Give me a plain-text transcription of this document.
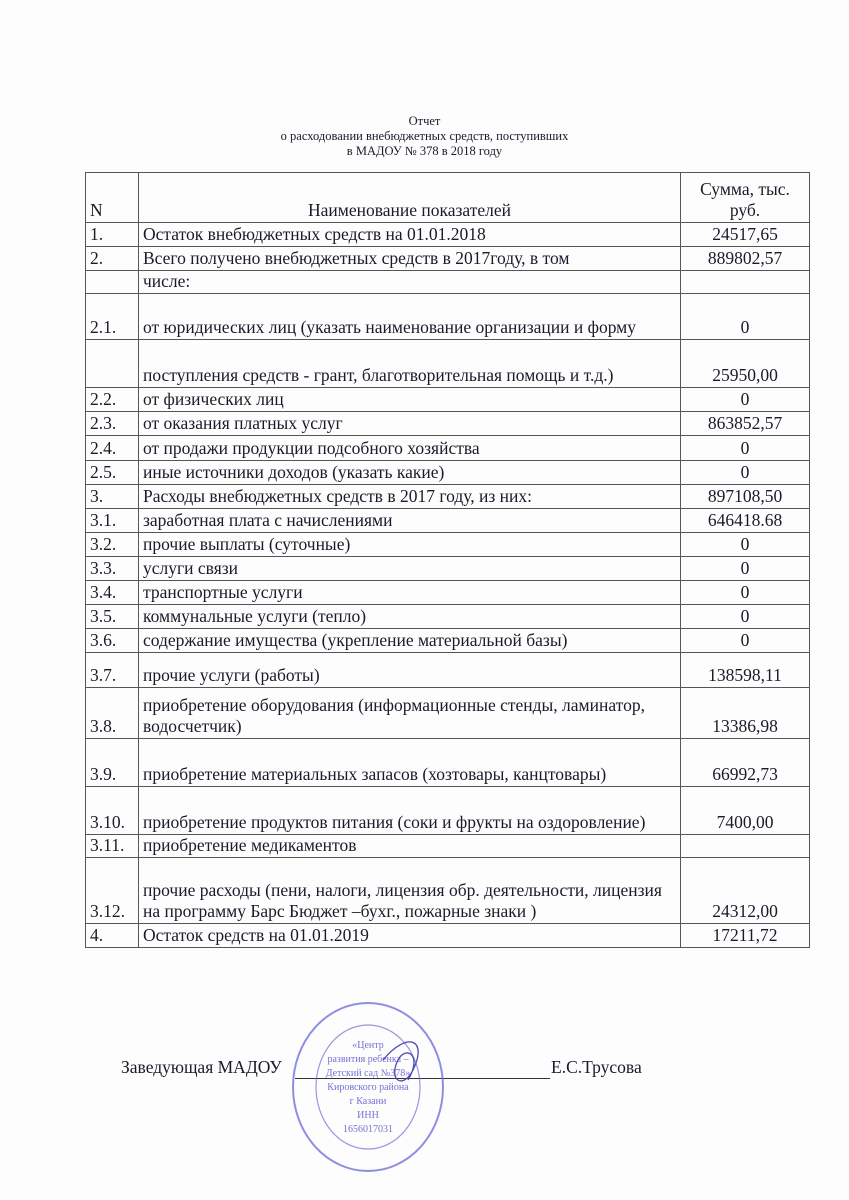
Отчет
о расходовании внебюджетных средств, поступивших
в МАДОУ № 378 в 2018 году
N	Наименование показателей	Сумма, тыс. руб.
1.	Остаток внебюджетных средств на 01.01.2018	24517,65
2.	Всего получено внебюджетных средств в 2017году, в том	889802,57
	числе:	
2.1.	от юридических лиц (указать наименование организации и форму	0
	поступления средств - грант, благотворительная помощь и т.д.)	25950,00
2.2.	от физических лиц	0
2.3.	от оказания платных услуг	863852,57
2.4.	от продажи продукции подсобного хозяйства	0
2.5.	иные источники доходов (указать какие)	0
3.	Расходы внебюджетных средств в 2017 году, из них:	897108,50
3.1.	заработная плата с начислениями	646418.68
3.2.	прочие выплаты (суточные)	0
3.3.	услуги связи	0
3.4.	транспортные услуги	0
3.5.	коммунальные услуги (тепло)	0
3.6.	содержание имущества (укрепление материальной базы)	0
3.7.	прочие услуги (работы)	138598,11
3.8.	приобретение оборудования (информационные стенды, ламинатор, водосчетчик)	13386,98
3.9.	приобретение материальных запасов (хозтовары, канцтовары)	66992,73
3.10.	приобретение продуктов питания (соки и фрукты на оздоровление)	7400,00
3.11.	приобретение медикаментов	
3.12.	прочие расходы (пени, налоги, лицензия обр. деятельности, лицензия на программу Барс Бюджет –бухг., пожарные знаки )	24312,00
4.	Остаток средств на 01.01.2019	17211,72
Заведующая МАДОУ	Е.С.Трусова
«Центр
развития ребенка –
Детский сад №378»
Кировского района
г Казани
ИНН
1656017031
